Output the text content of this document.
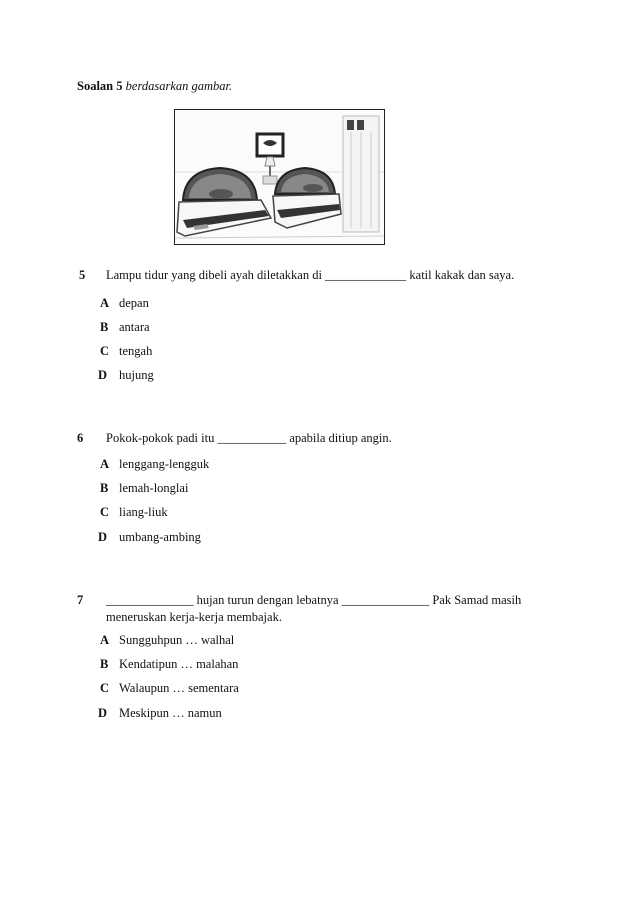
Soalan 5 berdasarkan gambar.
5 Lampu tidur yang dibeli ayah diletakkan di _____________ katil kakak dan saya.
A depan
B antara
C tengah
D hujung
6 Pokok-pokok padi itu ___________ apabila ditiup angin.
A lenggang-lengguk
B lemah-longlai
C liang-liuk
D umbang-ambing
7 ______________ hujan turun dengan lebatnya ______________ Pak Samad masih
meneruskan kerja-kerja membajak.
A Sungguhpun … walhal
B Kendatipun … malahan
C Walaupun … sementara
D Meskipun … namun
